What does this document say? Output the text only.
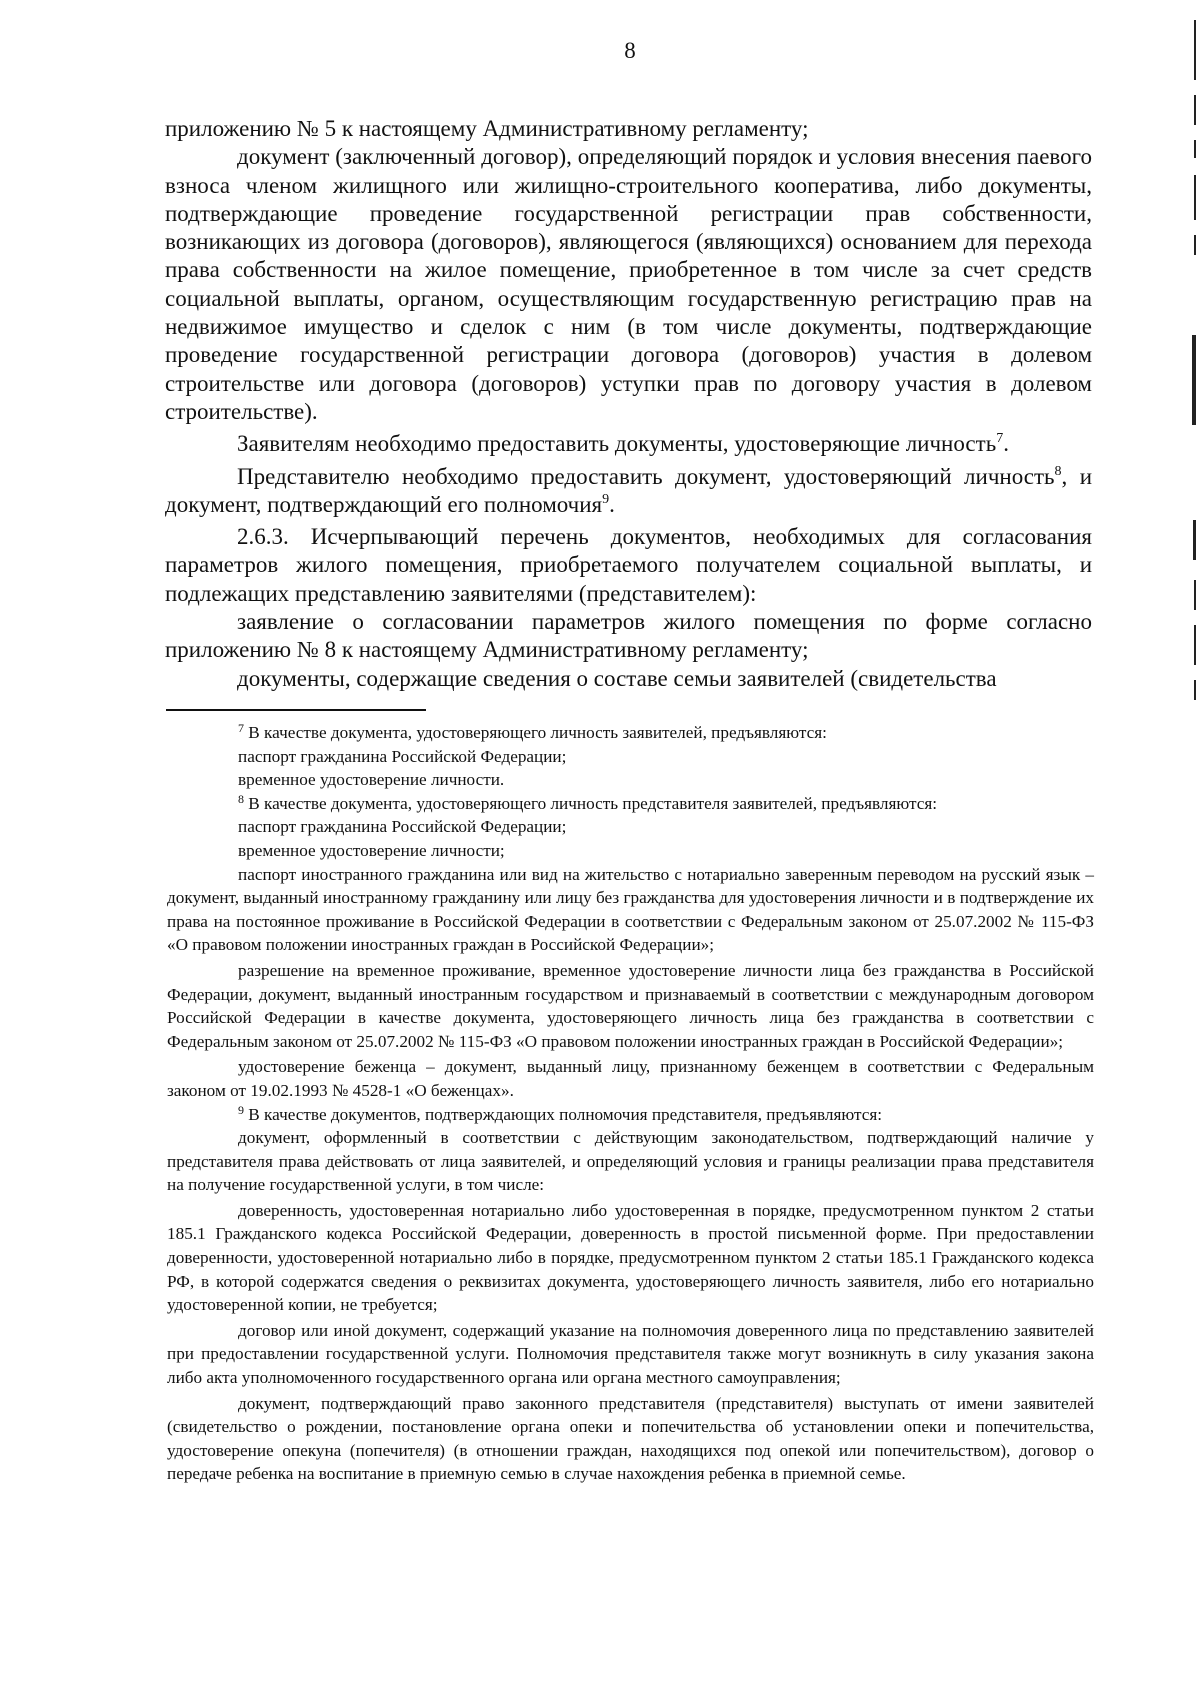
8

приложению № 5 к настоящему Административному регламенту;

документ (заключенный договор), определяющий порядок и условия внесения паевого взноса членом жилищного или жилищно-строительного кооператива, либо документы, подтверждающие проведение государственной регистрации прав собственности, возникающих из договора (договоров), являющегося (являющихся) основанием для перехода права собственности на жилое помещение, приобретенное в том числе за счет средств социальной выплаты, органом, осуществляющим государственную регистрацию прав на недвижимое имущество и сделок с ним (в том числе документы, подтверждающие проведение государственной регистрации договора (договоров) участия в долевом строительстве или договора (договоров) уступки прав по договору участия в долевом строительстве).

Заявителям необходимо предоставить документы, удостоверяющие личность$^7$.

Представителю необходимо предоставить документ, удостоверяющий личность$^8$, и документ, подтверждающий его полномочия$^9$.

2.6.3. Исчерпывающий перечень документов, необходимых для согласования параметров жилого помещения, приобретаемого получателем социальной выплаты, и подлежащих представлению заявителями (представителем):

заявление о согласовании параметров жилого помещения по форме согласно приложению № 8 к настоящему Административному регламенту;

документы, содержащие сведения о составе семьи заявителей (свидетельства

$^7$ В качестве документа, удостоверяющего личность заявителей, предъявляются:

паспорт гражданина Российской Федерации;

временное удостоверение личности.

$^8$ В качестве документа, удостоверяющего личность представителя заявителей, предъявляются:

паспорт гражданина Российской Федерации;

временное удостоверение личности;

паспорт иностранного гражданина или вид на жительство с нотариально заверенным переводом на русский язык – документ, выданный иностранному гражданину или лицу без гражданства для удостоверения личности и в подтверждение их права на постоянное проживание в Российской Федерации в соответствии с Федеральным законом от 25.07.2002 № 115-ФЗ «О правовом положении иностранных граждан в Российской Федерации»;

разрешение на временное проживание, временное удостоверение личности лица без гражданства в Российской Федерации, документ, выданный иностранным государством и признаваемый в соответствии с международным договором Российской Федерации в качестве документа, удостоверяющего личность лица без гражданства в соответствии с Федеральным законом от 25.07.2002 № 115-ФЗ «О правовом положении иностранных граждан в Российской Федерации»;

удостоверение беженца – документ, выданный лицу, признанному беженцем в соответствии с Федеральным законом от 19.02.1993 № 4528-1 «О беженцах».

$^9$ В качестве документов, подтверждающих полномочия представителя, предъявляются:

документ, оформленный в соответствии с действующим законодательством, подтверждающий наличие у представителя права действовать от лица заявителей, и определяющий условия и границы реализации права представителя на получение государственной услуги, в том числе:

доверенность, удостоверенная нотариально либо удостоверенная в порядке, предусмотренном пунктом 2 статьи 185.1 Гражданского кодекса Российской Федерации, доверенность в простой письменной форме. При предоставлении доверенности, удостоверенной нотариально либо в порядке, предусмотренном пунктом 2 статьи 185.1 Гражданского кодекса РФ, в которой содержатся сведения о реквизитах документа, удостоверяющего личность заявителя, либо его нотариально удостоверенной копии, не требуется;

договор или иной документ, содержащий указание на полномочия доверенного лица по представлению заявителей при предоставлении государственной услуги. Полномочия представителя также могут возникнуть в силу указания закона либо акта уполномоченного государственного органа или органа местного самоуправления;

документ, подтверждающий право законного представителя (представителя) выступать от имени заявителей (свидетельство о рождении, постановление органа опеки и попечительства об установлении опеки и попечительства, удостоверение опекуна (попечителя) (в отношении граждан, находящихся под опекой или попечительством), договор о передаче ребенка на воспитание в приемную семью в случае нахождения ребенка в приемной семье.
